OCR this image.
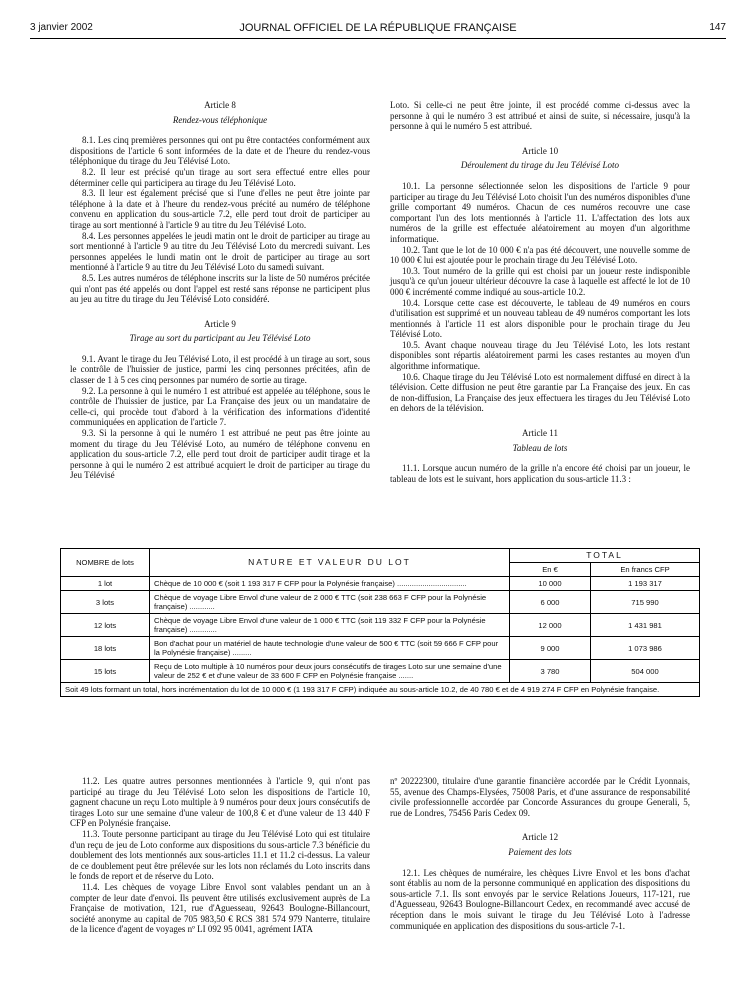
3 janvier 2002	JOURNAL OFFICIEL DE LA RÉPUBLIQUE FRANÇAISE	147

Article 8

Rendez-vous téléphonique

8.1. Les cinq premières personnes qui ont pu être contactées conformément aux dispositions de l'article 6 sont informées de la date et de l'heure du rendez-vous téléphonique du tirage du Jeu Télévisé Loto.

8.2. Il leur est précisé qu'un tirage au sort sera effectué entre elles pour déterminer celle qui participera au tirage du Jeu Télévisé Loto.

8.3. Il leur est également précisé que si l'une d'elles ne peut être jointe par téléphone à la date et à l'heure du rendez-vous précité au numéro de téléphone convenu en application du sous-article 7.2, elle perd tout droit de participer au tirage au sort mentionné à l'article 9 au titre du Jeu Télévisé Loto.

8.4. Les personnes appelées le jeudi matin ont le droit de participer au tirage au sort mentionné à l'article 9 au titre du Jeu Télévisé Loto du mercredi suivant. Les personnes appelées le lundi matin ont le droit de participer au tirage au sort mentionné à l'article 9 au titre du Jeu Télévisé Loto du samedi suivant.

8.5. Les autres numéros de téléphone inscrits sur la liste de 50 numéros précitée qui n'ont pas été appelés ou dont l'appel est resté sans réponse ne participent plus au jeu au titre du tirage du Jeu Télévisé Loto considéré.

Article 9

Tirage au sort du participant au Jeu Télévisé Loto

9.1. Avant le tirage du Jeu Télévisé Loto, il est procédé à un tirage au sort, sous le contrôle de l'huissier de justice, parmi les cinq personnes précitées, afin de classer de 1 à 5 ces cinq personnes par numéro de sortie au tirage.

9.2. La personne à qui le numéro 1 est attribué est appelée au téléphone, sous le contrôle de l'huissier de justice, par La Française des jeux ou un mandataire de celle-ci, qui procède tout d'abord à la vérification des informations d'identité communiquées en application de l'article 7.

9.3. Si la personne à qui le numéro 1 est attribué ne peut pas être jointe au moment du tirage du Jeu Télévisé Loto, au numéro de téléphone convenu en application du sous-article 7.2, elle perd tout droit de participer audit tirage et la personne à qui le numéro 2 est attribué acquiert le droit de participer au tirage du Jeu Télévisé

Loto. Si celle-ci ne peut être jointe, il est procédé comme ci-dessus avec la personne à qui le numéro 3 est attribué et ainsi de suite, si nécessaire, jusqu'à la personne à qui le numéro 5 est attribué.

Article 10

Déroulement du tirage du Jeu Télévisé Loto

10.1. La personne sélectionnée selon les dispositions de l'article 9 pour participer au tirage du Jeu Télévisé Loto choisit l'un des numéros disponibles d'une grille comportant 49 numéros. Chacun de ces numéros recouvre une case comportant l'un des lots mentionnés à l'article 11. L'affectation des lots aux numéros de la grille est effectuée aléatoirement au moyen d'un algorithme informatique.

10.2. Tant que le lot de 10 000 € n'a pas été découvert, une nouvelle somme de 10 000 € lui est ajoutée pour le prochain tirage du Jeu Télévisé Loto.

10.3. Tout numéro de la grille qui est choisi par un joueur reste indisponible jusqu'à ce qu'un joueur ultérieur découvre la case à laquelle est affecté le lot de 10 000 € incrémenté comme indiqué au sous-article 10.2.

10.4. Lorsque cette case est découverte, le tableau de 49 numéros en cours d'utilisation est supprimé et un nouveau tableau de 49 numéros comportant les lots mentionnés à l'article 11 est alors disponible pour le prochain tirage du Jeu Télévisé Loto.

10.5. Avant chaque nouveau tirage du Jeu Télévisé Loto, les lots restant disponibles sont répartis aléatoirement parmi les cases restantes au moyen d'un algorithme informatique.

10.6. Chaque tirage du Jeu Télévisé Loto est normalement diffusé en direct à la télévision. Cette diffusion ne peut être garantie par La Française des jeux. En cas de non-diffusion, La Française des jeux effectuera les tirages du Jeu Télévisé Loto en dehors de la télévision.

Article 11

Tableau de lots

11.1. Lorsque aucun numéro de la grille n'a encore été choisi par un joueur, le tableau de lots est le suivant, hors application du sous-article 11.3 :

NOMBRE de lots	NATURE ET VALEUR DU LOT	TOTAL	
		En €	En francs CFP
1 lot	Chèque de 10 000 € (soit 1 193 317 F CFP pour la Polynésie française) .................................	10 000	1 193 317
3 lots	Chèque de voyage Libre Envol d'une valeur de 2 000 € TTC (soit 238 663 F CFP pour la Polynésie française) ............	6 000	715 990
12 lots	Chèque de voyage Libre Envol d'une valeur de 1 000 € TTC (soit 119 332 F CFP pour la Polynésie française) .............	12 000	1 431 981
18 lots	Bon d'achat pour un matériel de haute technologie d'une valeur de 500 € TTC (soit 59 666 F CFP pour la Polynésie française) .........	9 000	1 073 986
15 lots	Reçu de Loto multiple à 10 numéros pour deux jours consécutifs de tirages Loto sur une semaine d'une valeur de 252 € et d'une valeur de 33 600 F CFP en Polynésie française .......	3 780	504 000
Soit 49 lots formant un total, hors incrémentation du lot de 10 000 € (1 193 317 F CFP) indiquée au sous-article 10.2, de 40 780 € et de 4 919 274 F CFP en Polynésie française.			

11.2. Les quatre autres personnes mentionnées à l'article 9, qui n'ont pas participé au tirage du Jeu Télévisé Loto selon les dispositions de l'article 10, gagnent chacune un reçu Loto multiple à 9 numéros pour deux jours consécutifs de tirages Loto sur une semaine d'une valeur de 100,8 € et d'une valeur de 13 440 F CFP en Polynésie française.

11.3. Toute personne participant au tirage du Jeu Télévisé Loto qui est titulaire d'un reçu de jeu de Loto conforme aux dispositions du sous-article 7.3 bénéficie du doublement des lots mentionnés aux sous-articles 11.1 et 11.2 ci-dessus. La valeur de ce doublement peut être prélevée sur les lots non réclamés du Loto inscrits dans le fonds de report et de réserve du Loto.

11.4. Les chèques de voyage Libre Envol sont valables pendant un an à compter de leur date d'envoi. Ils peuvent être utilisés exclusivement auprès de La Française de motivation, 121, rue d'Aguesseau, 92643 Boulogne-Billancourt, société anonyme au capital de 705 983,50 € RCS 381 574 979 Nanterre, titulaire de la licence d'agent de voyages nº LI 092 95 0041, agrément IATA

nº 20222300, titulaire d'une garantie financière accordée par le Crédit Lyonnais, 55, avenue des Champs-Elysées, 75008 Paris, et d'une assurance de responsabilité civile professionnelle accordée par Concorde Assurances du groupe Generali, 5, rue de Londres, 75456 Paris Cedex 09.

Article 12

Paiement des lots

12.1. Les chèques de numéraire, les chèques Livre Envol et les bons d'achat sont établis au nom de la personne communiqué en application des dispositions du sous-article 7.1. Ils sont envoyés par le service Relations Joueurs, 117-121, rue d'Aguesseau, 92643 Boulogne-Billancourt Cedex, en recommandé avec accusé de réception dans le mois suivant le tirage du Jeu Télévisé Loto à l'adresse communiquée en application des dispositions du sous-article 7-1.
